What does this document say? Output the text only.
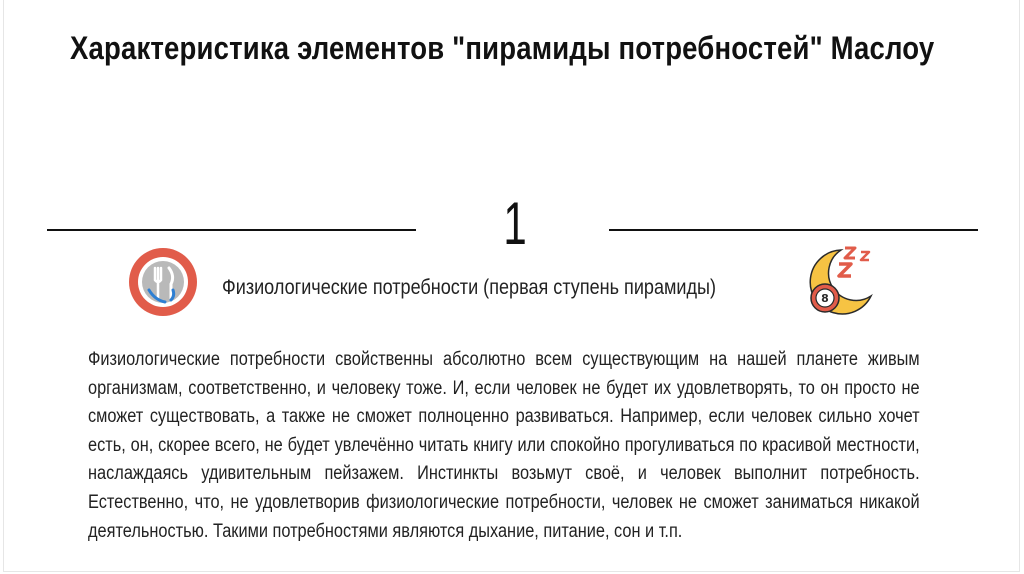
Характеристика элементов "пирамиды потребностей" Маслоу
1
Физиологические потребности (первая ступень пирамиды)	8
Физиологические потребности свойственны абсолютно всем существующим на нашей планете живым организмам, соответственно, и человеку тоже. И, если человек не будет их удовлетворять, то он просто не сможет существовать, а также не сможет полноценно развиваться. Например, если человек сильно хочет есть, он, скорее всего, не будет увлечённо читать книгу или спокойно прогуливаться по красивой местности, наслаждаясь удивительным пейзажем. Инстинкты возьмут своё, и человек выполнит потребность. Естественно, что, не удовлетворив физиологические потребности, человек не сможет заниматься никакой деятельностью. Такими потребностями являются дыхание, питание, сон и т.п.
